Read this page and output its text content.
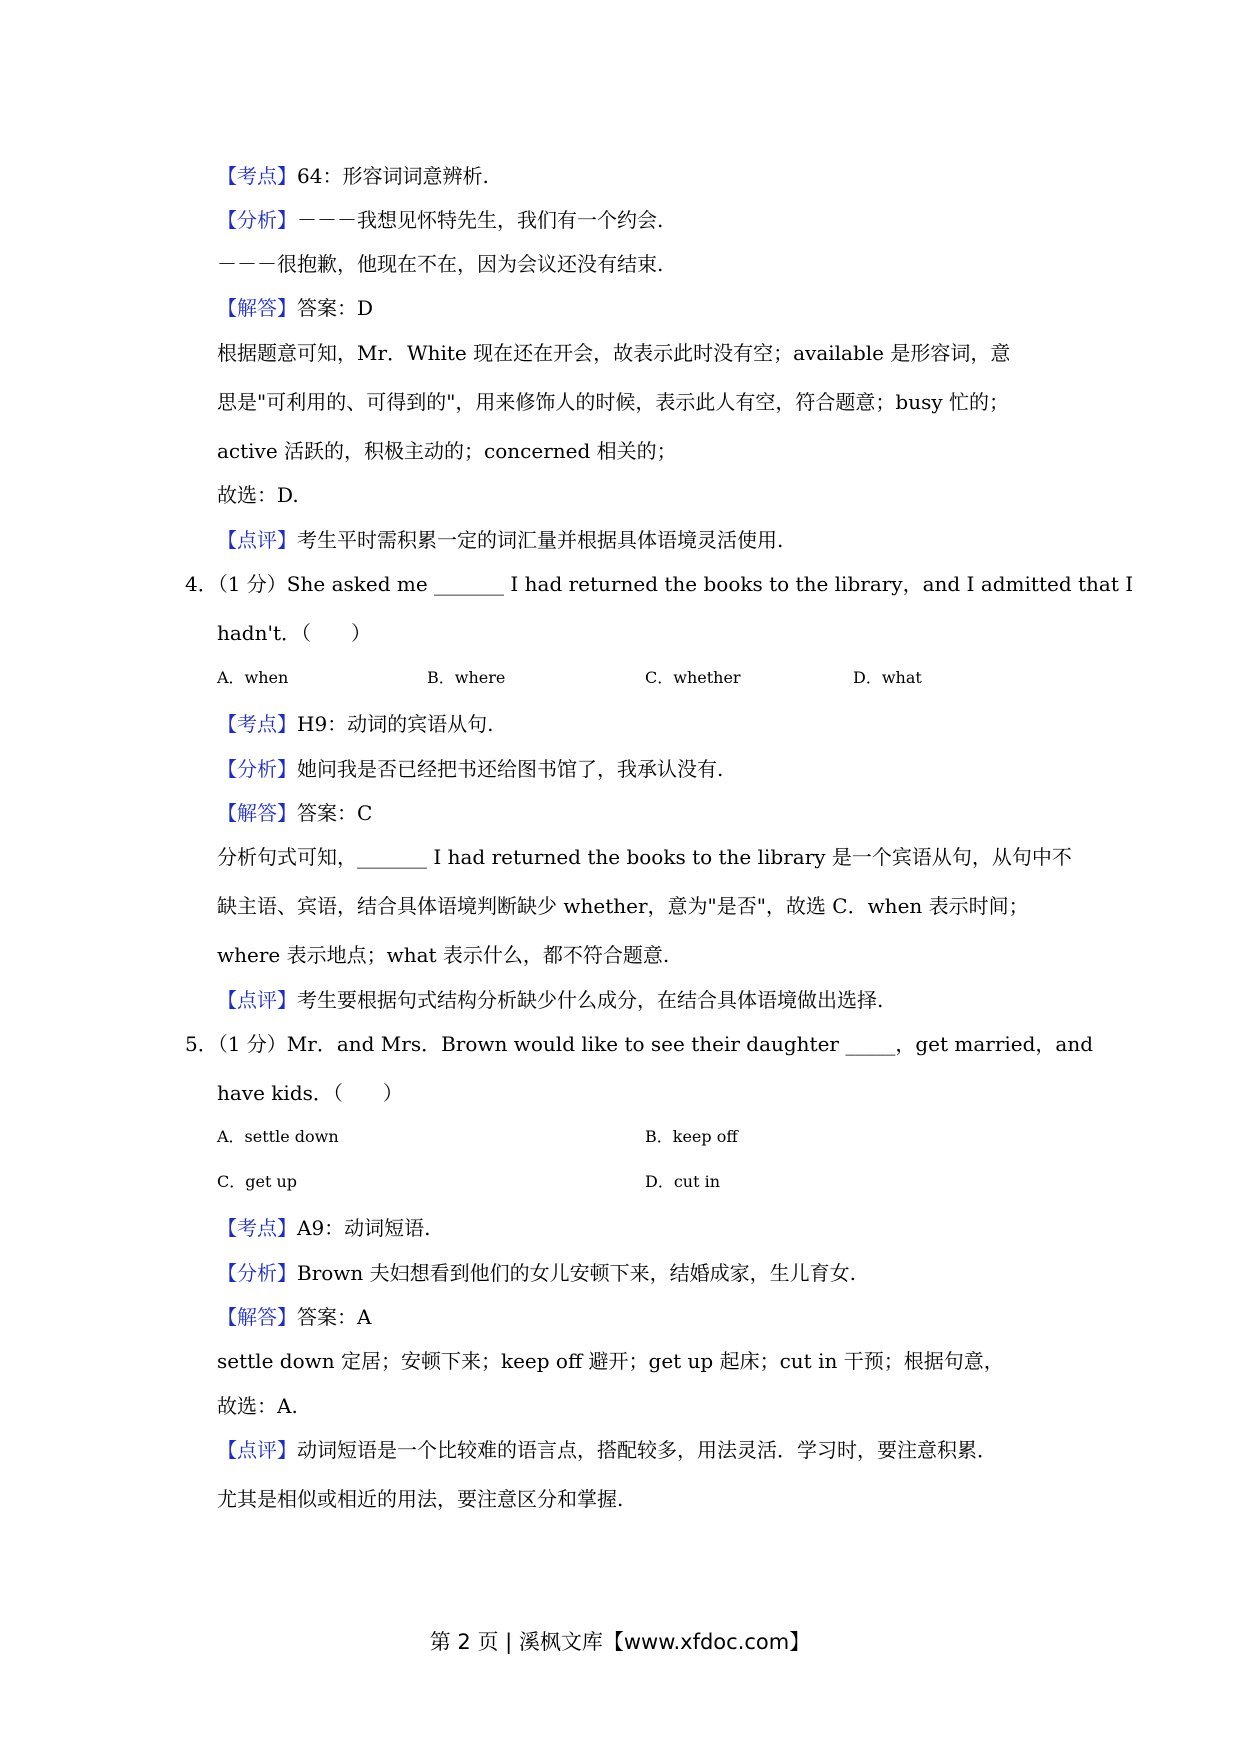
【考点】64：形容词词意辨析.
【分析】－－－我想见怀特先生，我们有一个约会.
－－－很抱歉，他现在不在，因为会议还没有结束.
【解答】答案：D
根据题意可知，Mr．White 现在还在开会，故表示此时没有空；available 是形容词，意
思是"可利用的、可得到的"，用来修饰人的时候，表示此人有空，符合题意；busy 忙的；
active 活跃的，积极主动的；concerned 相关的；
故选：D.
【点评】考生平时需积累一定的词汇量并根据具体语境灵活使用.
4．（1 分）She asked me _______ I had returned the books to the library，and I admitted that I
hadn't．（　　）
A．when	B．where	C．whether	D．what
【考点】H9：动词的宾语从句.
【分析】她问我是否已经把书还给图书馆了，我承认没有.
【解答】答案：C
分析句式可知，_______ I had returned the books to the library 是一个宾语从句，从句中不
缺主语、宾语，结合具体语境判断缺少 whether，意为"是否"，故选 C．when 表示时间；
where 表示地点；what 表示什么，都不符合题意.
【点评】考生要根据句式结构分析缺少什么成分，在结合具体语境做出选择.
5．（1 分）Mr．and Mrs．Brown would like to see their daughter _____，get married，and
have kids．（　　）
A．settle down	B．keep off
C．get up	D．cut in
【考点】A9：动词短语.
【分析】Brown 夫妇想看到他们的女儿安顿下来，结婚成家，生儿育女.
【解答】答案：A
settle down 定居；安顿下来；keep off 避开；get up 起床；cut in 干预；根据句意，
故选：A.
【点评】动词短语是一个比较难的语言点，搭配较多，用法灵活．学习时，要注意积累．
尤其是相似或相近的用法，要注意区分和掌握.
第 2 页 | 溪枫文库【www.xfdoc.com】
